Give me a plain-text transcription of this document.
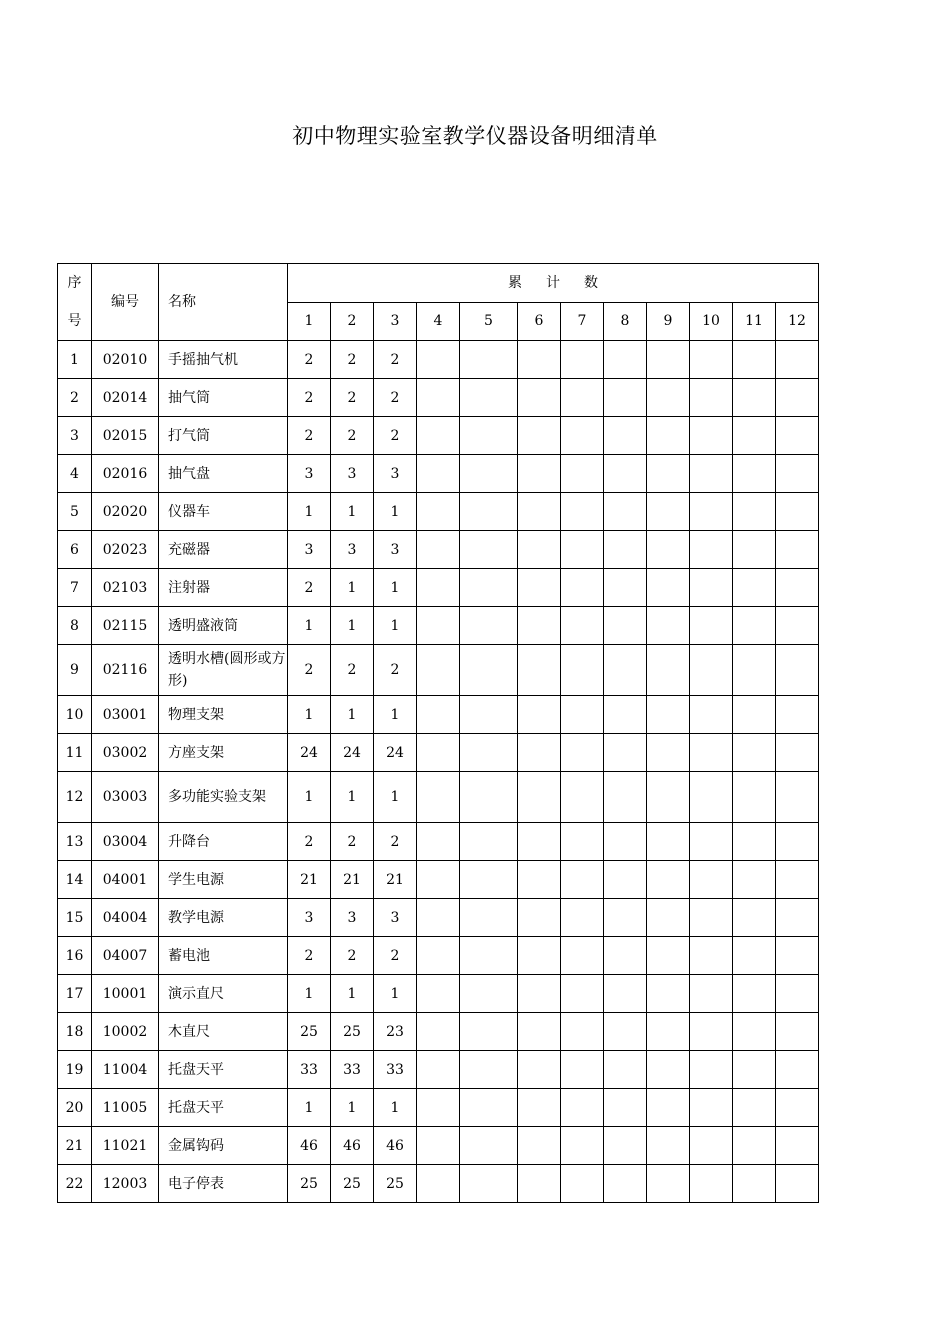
初中物理实验室教学仪器设备明细清单
序
号	编号	名称	累 计 数											
			1	2	3	4	5	6	7	8	9	10	11	12
1	02010	手摇抽气机	2	2	2									
2	02014	抽气筒	2	2	2									
3	02015	打气筒	2	2	2									
4	02016	抽气盘	3	3	3									
5	02020	仪器车	1	1	1									
6	02023	充磁器	3	3	3									
7	02103	注射器	2	1	1									
8	02115	透明盛液筒	1	1	1									
9	02116	透明水槽(圆形或方形)	2	2	2									
10	03001	物理支架	1	1	1									
11	03002	方座支架	24	24	24									
12	03003	多功能实验支架	1	1	1									
13	03004	升降台	2	2	2									
14	04001	学生电源	21	21	21									
15	04004	教学电源	3	3	3									
16	04007	蓄电池	2	2	2									
17	10001	演示直尺	1	1	1									
18	10002	木直尺	25	25	23									
19	11004	托盘天平	33	33	33									
20	11005	托盘天平	1	1	1									
21	11021	金属钩码	46	46	46									
22	12003	电子停表	25	25	25									
